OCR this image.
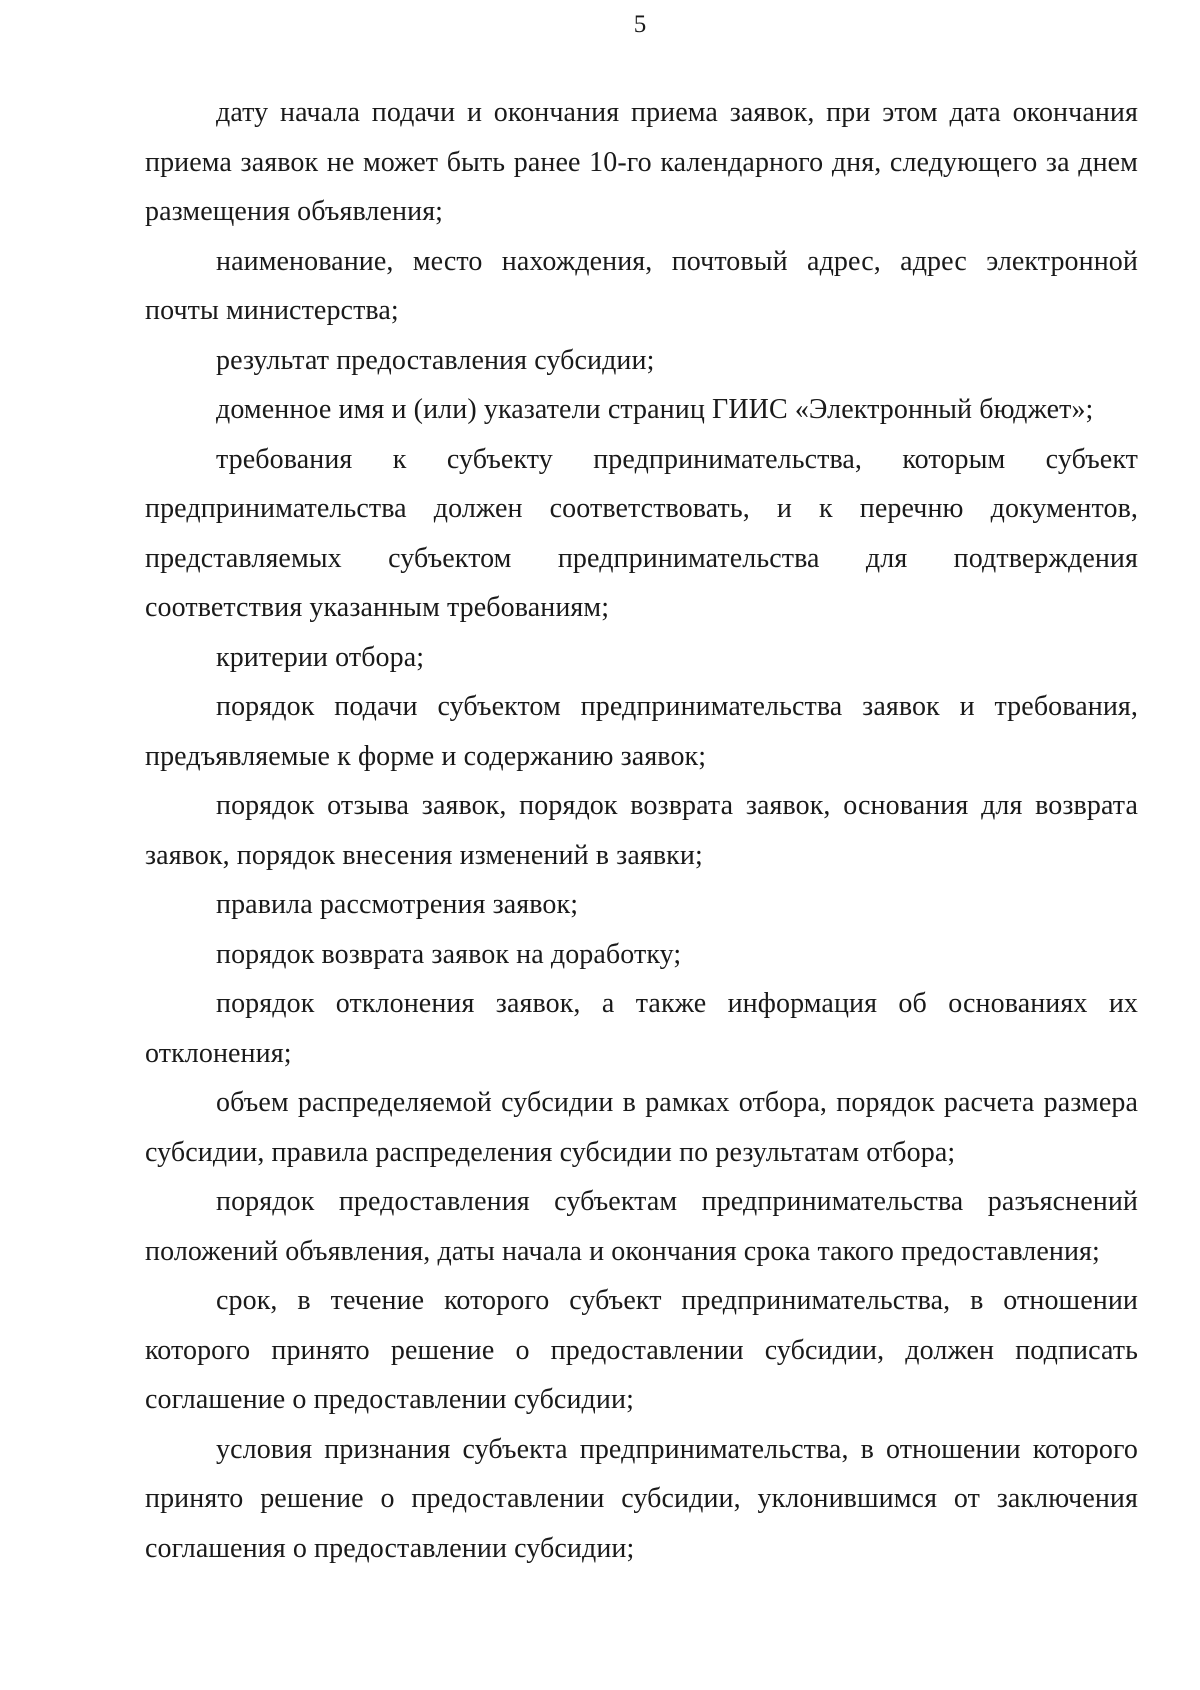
5

дату начала подачи и окончания приема заявок, при этом дата окончания приема заявок не может быть ранее 10-го календарного дня, следующего за днем размещения объявления;

наименование, место нахождения, почтовый адрес, адрес электронной почты министерства;

результат предоставления субсидии;

доменное имя и (или) указатели страниц ГИИС «Электронный бюджет»;

требования к субъекту предпринимательства, которым субъект предпринимательства должен соответствовать, и к перечню документов, представляемых субъектом предпринимательства для подтверждения соответствия указанным требованиям;

критерии отбора;

порядок подачи субъектом предпринимательства заявок и требования, предъявляемые к форме и содержанию заявок;

порядок отзыва заявок, порядок возврата заявок, основания для возврата заявок, порядок внесения изменений в заявки;

правила рассмотрения заявок;

порядок возврата заявок на доработку;

порядок отклонения заявок, а также информация об основаниях их отклонения;

объем распределяемой субсидии в рамках отбора, порядок расчета размера субсидии, правила распределения субсидии по результатам отбора;

порядок предоставления субъектам предпринимательства разъяснений положений объявления, даты начала и окончания срока такого предоставления;

срок, в течение которого субъект предпринимательства, в отношении которого принято решение о предоставлении субсидии, должен подписать соглашение о предоставлении субсидии;

условия признания субъекта предпринимательства, в отношении которого принято решение о предоставлении субсидии, уклонившимся от заключения соглашения о предоставлении субсидии;
